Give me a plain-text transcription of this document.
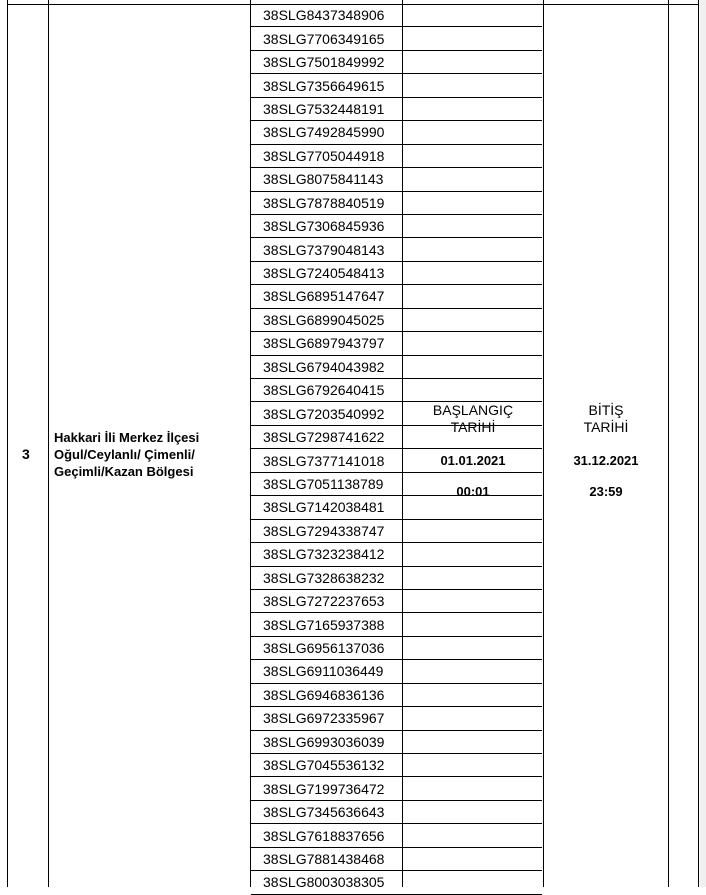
3
Hakkari İli Merkez İlçesi
Oğul/Ceylanlı/ Çimenli/
Geçimli/Kazan Bölgesi
38SLG8437348906
38SLG7706349165
38SLG7501849992
38SLG7356649615
38SLG7532448191
38SLG7492845990
38SLG7705044918
38SLG8075841143
38SLG7878840519
38SLG7306845936
38SLG7379048143
38SLG7240548413
38SLG6895147647
38SLG6899045025
38SLG6897943797
38SLG6794043982
38SLG6792640415
38SLG7203540992
38SLG7298741622
38SLG7377141018
38SLG7051138789
38SLG7142038481
38SLG7294338747
38SLG7323238412
38SLG7328638232
38SLG7272237653
38SLG7165937388
38SLG6956137036
38SLG6911036449
38SLG6946836136
38SLG6972335967
38SLG6993036039
38SLG7045536132
38SLG7199736472
38SLG7345636643
38SLG7618837656
38SLG7881438468
38SLG8003038305
BAŞLANGIÇ
TARİHİ
01.01.2021
00:01
BİTİŞ
TARİHİ
31.12.2021
23:59
